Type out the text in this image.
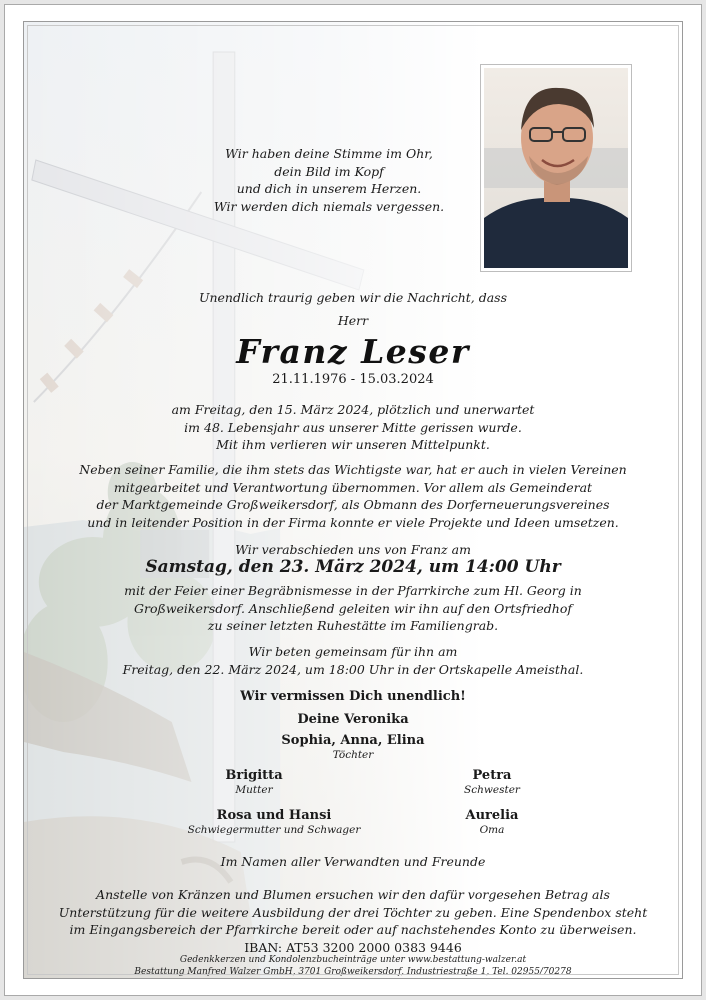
Wir haben deine Stimme im Ohr,
dein Bild im Kopf
und dich in unserem Herzen.
Wir werden dich niemals vergessen.
Unendlich traurig geben wir die Nachricht, dass
Herr
Franz Leser
21.11.1976 - 15.03.2024
am Freitag, den 15. März 2024, plötzlich und unerwartet
im 48. Lebensjahr aus unserer Mitte gerissen wurde.
Mit ihm verlieren wir unseren Mittelpunkt.
Neben seiner Familie, die ihm stets das Wichtigste war, hat er auch in vielen Vereinen
mitgearbeitet und Verantwortung übernommen. Vor allem als Gemeinderat
der Marktgemeinde Großweikersdorf, als Obmann des Dorferneuerungsvereines
und in leitender Position in der Firma konnte er viele Projekte und Ideen umsetzen.
Wir verabschieden uns von Franz am
Samstag, den 23. März 2024, um 14:00 Uhr
mit der Feier einer Begräbnismesse in der Pfarrkirche zum Hl. Georg in
Großweikersdorf. Anschließend geleiten wir ihn auf den Ortsfriedhof
zu seiner letzten Ruhestätte im Familiengrab.
Wir beten gemeinsam für ihn am
Freitag, den 22. März 2024, um 18:00 Uhr in der Ortskapelle Ameisthal.
Wir vermissen Dich unendlich!
Deine Veronika
Sophia, Anna, Elina
Töchter
Brigitta
Mutter
Petra
Schwester
Rosa und Hansi
Schwiegermutter und Schwager
Aurelia
Oma
Im Namen aller Verwandten und Freunde
Anstelle von Kränzen und Blumen ersuchen wir den dafür vorgesehen Betrag als
Unterstützung für die weitere Ausbildung der drei Töchter zu geben. Eine Spendenbox steht
im Eingangsbereich der Pfarrkirche bereit oder auf nachstehendes Konto zu überweisen.
IBAN: AT53 3200 2000 0383 9446
Gedenkkerzen und Kondolenzbucheinträge unter www.bestattung-walzer.at
Bestattung Manfred Walzer GmbH, 3701 Großweikersdorf, Industriestraße 1, Tel. 02955/70278
